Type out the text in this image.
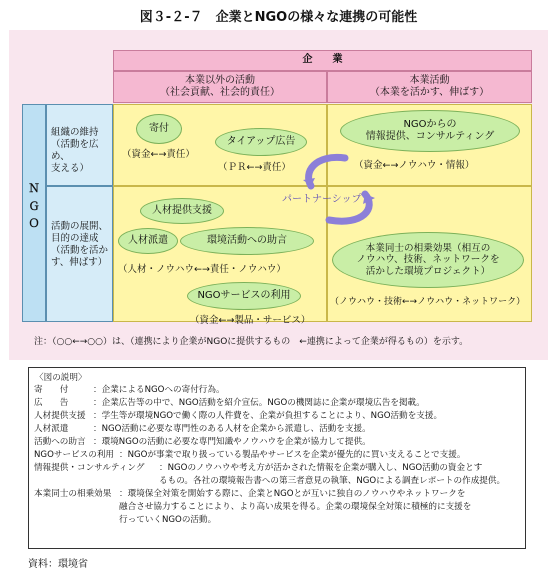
図３-２-７　企業とNGOの様々な連携の可能性
企　　業
本業以外の活動
（社会貢献、社会的責任）
本業活動
（本業を活かす、伸ばす）
Ｎ
Ｇ
Ｏ
組織の維持
（活動を広め、
支える）
活動の展開、
目的の達成
（活動を活か
す、伸ばす）
パートナーシップ
寄付
（資金←→責任）
タイアップ広告
（ＰＲ←→責任）
NGOからの
情報提供、コンサルティング
（資金←→ノウハウ・情報）
人材提供支援
人材派遣	環境活動への助言
（人材・ノウハウ←→責任・ノウハウ）
NGOサービスの利用
（資金←→製品・サービス）
本業同士の相乗効果（相互の
ノウハウ、技術、ネットワークを
活かした環境プロジェクト）
（ノウハウ・技術←→ノウハウ・ネットワーク）
注：（○○←→○○）は、（連携により企業がNGOに提供するもの　←連携によって企業が得るもの）を示す。
〈図の説明〉
寄　　付	：企業によるNGOへの寄付行為。
広　　告	：企業広告等の中で、NGO活動を紹介宣伝。NGOの機関誌に企業が環境広告を掲載。
人材提供支援 ：学生等が環境NGOで働く際の人件費を、企業が負担することにより、NGO活動を支援。
人材派遣	：NGO活動に必要な専門性のある人材を企業から派遣し、活動を支援。
活動への助言 ：環境NGOの活動に必要な専門知識やノウハウを企業が協力して提供。
NGOサービスの利用 ：NGOが事業で取り扱っている製品やサービスを企業が優先的に買い支えることで支援。
情報提供・コンサルティング ：NGOのノウハウや考え方が活かされた情報を企業が購入し、NGO活動の資金とす
るもの。各社の環境報告書への第三者意見の執筆、NGOによる調査レポートの作成提供。
本業同士の相乗効果 ：環境保全対策を開始する際に、企業とNGOとが互いに独自のノウハウやネットワークを
融合させ協力することにより、より高い成果を得る。企業の環境保全対策に積極的に支援を
行っていくNGOの活動。
資料：環境省
